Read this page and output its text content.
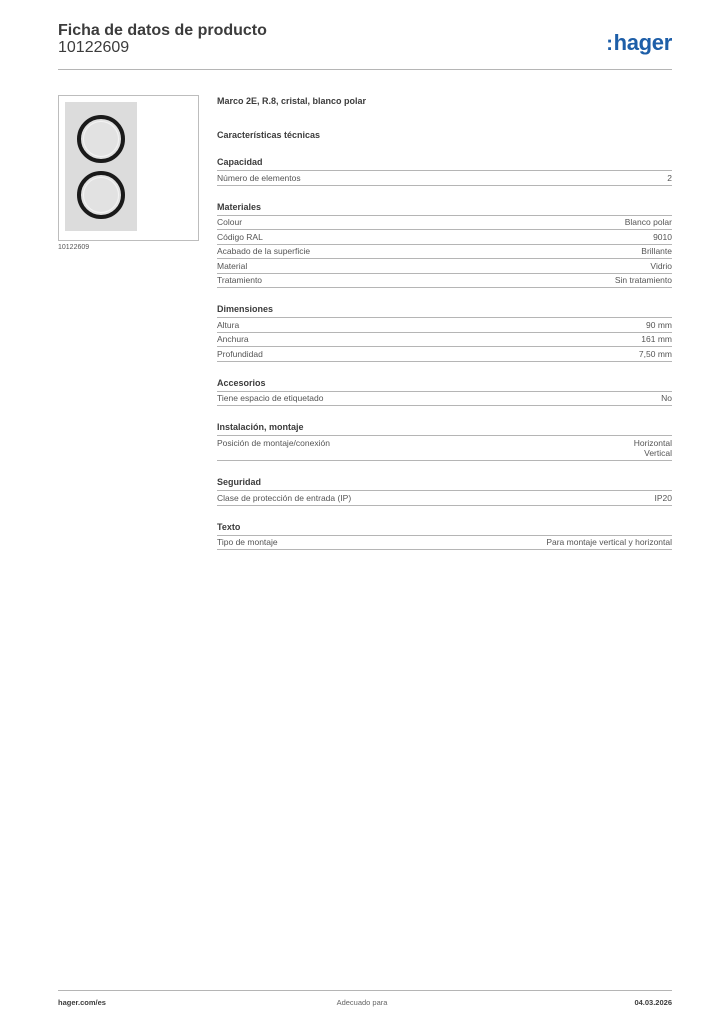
Ficha de datos de producto
10122609	:hager
10122609
Marco 2E, R.8, cristal, blanco polar
Características técnicas
Capacidad
Número de elementos	2
Materiales
Colour	Blanco polar
Código RAL	9010
Acabado de la superficie	Brillante
Material	Vidrio
Tratamiento	Sin tratamiento
Dimensiones
Altura	90 mm
Anchura	161 mm
Profundidad	7,50 mm
Accesorios
Tiene espacio de etiquetado	No
Instalación, montaje
Posición de montaje/conexión	Horizontal
Vertical
Seguridad
Clase de protección de entrada (IP)	IP20
Texto
Tipo de montaje	Para montaje vertical y horizontal
hager.com/es	Adecuado para	04.03.2026
